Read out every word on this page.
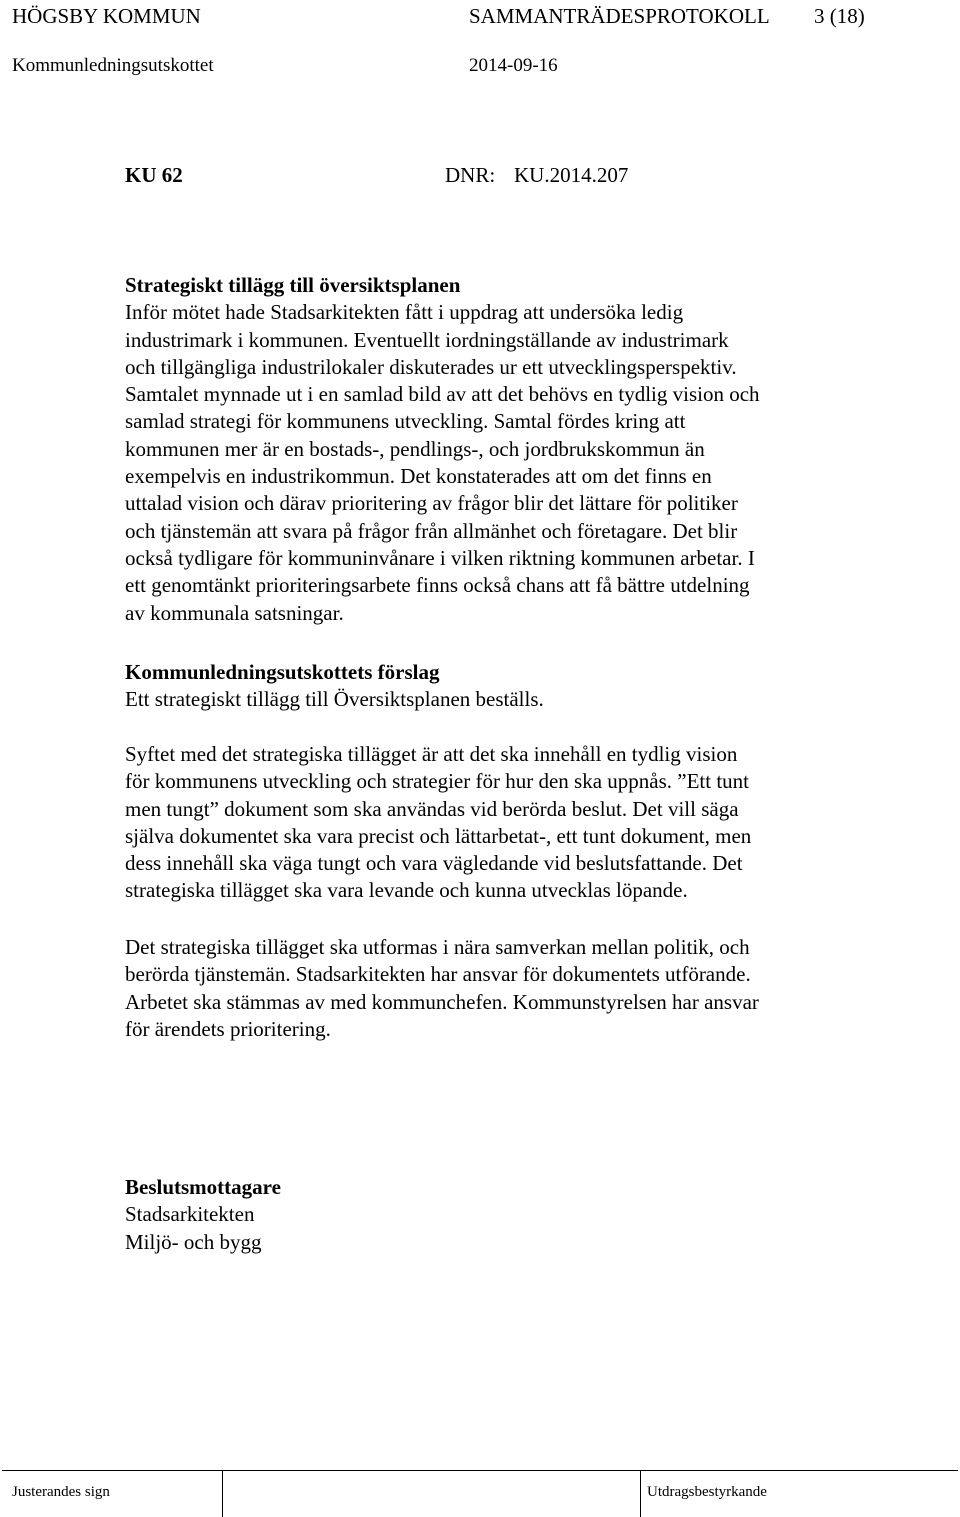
HÖGSBY KOMMUN	SAMMANTRÄDESPROTOKOLL 3 (18)
Kommunledningsutskottet	2014-09-16
KU 62	DNR: KU.2014.207

Strategiskt tillägg till översiktsplanen

Inför mötet hade Stadsarkitekten fått i uppdrag att undersöka ledig

industrimark i kommunen. Eventuellt iordningställande av industrimark

och tillgängliga industrilokaler diskuterades ur ett utvecklingsperspektiv.

Samtalet mynnade ut i en samlad bild av att det behövs en tydlig vision och

samlad strategi för kommunens utveckling. Samtal fördes kring att

kommunen mer är en bostads-, pendlings-, och jordbrukskommun än

exempelvis en industrikommun. Det konstaterades att om det finns en

uttalad vision och därav prioritering av frågor blir det lättare för politiker

och tjänstemän att svara på frågor från allmänhet och företagare. Det blir

också tydligare för kommuninvånare i vilken riktning kommunen arbetar. I

ett genomtänkt prioriteringsarbete finns också chans att få bättre utdelning

av kommunala satsningar.

Kommunledningsutskottets förslag

Ett strategiskt tillägg till Översiktsplanen beställs.

Syftet med det strategiska tillägget är att det ska innehåll en tydlig vision

för kommunens utveckling och strategier för hur den ska uppnås. ”Ett tunt

men tungt” dokument som ska användas vid berörda beslut. Det vill säga

själva dokumentet ska vara precist och lättarbetat-, ett tunt dokument, men

dess innehåll ska väga tungt och vara vägledande vid beslutsfattande. Det

strategiska tillägget ska vara levande och kunna utvecklas löpande.

Det strategiska tillägget ska utformas i nära samverkan mellan politik, och

berörda tjänstemän. Stadsarkitekten har ansvar för dokumentets utförande.

Arbetet ska stämmas av med kommunchefen. Kommunstyrelsen har ansvar

för ärendets prioritering.

Beslutsmottagare

Stadsarkitekten

Miljö- och bygg

Justerandes sign	Utdragsbestyrkande
